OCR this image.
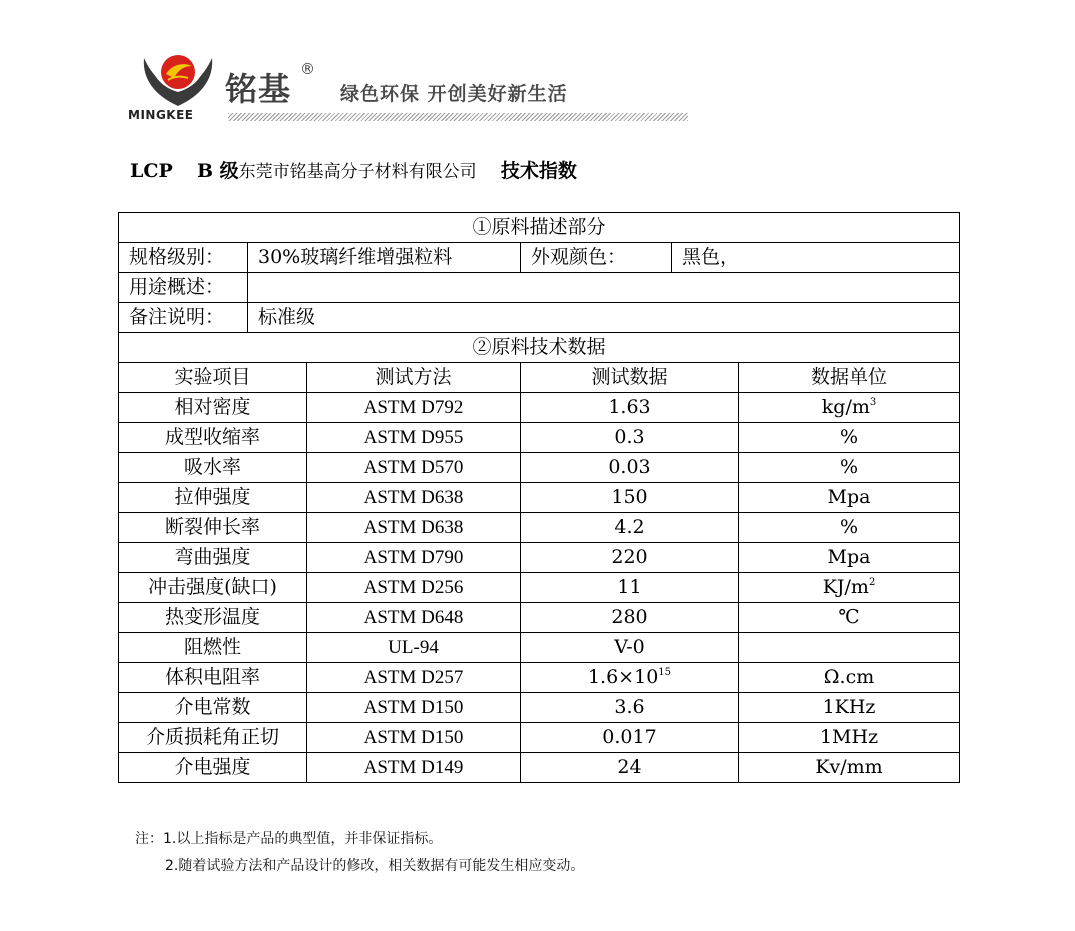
MINGKEE
铭基
®
绿色环保 开创美好新生活
LCP B 级东莞市铭基高分子材料有限公司 技术指数
①原料描述部分					
规格级别：	30%玻璃纤维增强粒料		外观颜色：	黑色，	
用途概述：					
备注说明：	标准级				
②原料技术数据					
实验项目		测试方法	测试数据		数据单位
相对密度		ASTM D792	1.63		$kg/m^3$
成型收缩率		ASTM D955	0.3		%
吸水率		ASTM D570	0.03		%
拉伸强度		ASTM D638	150		Mpa
断裂伸长率		ASTM D638	4.2		%
弯曲强度		ASTM D790	220		Mpa
冲击强度(缺口)		ASTM D256	11		$KJ/m^2$
热变形温度		ASTM D648	280		℃
阻燃性		UL-94	V-0		
体积电阻率		ASTM D257	$1.6\times 10^{15}$		Ω.cm
介电常数		ASTM D150	3.6		1KHz
介质损耗角正切		ASTM D150	0.017		1MHz
介电强度		ASTM D149	24		Kv/mm
注：1.以上指标是产品的典型值，并非保证指标。
2.随着试验方法和产品设计的修改，相关数据有可能发生相应变动。
